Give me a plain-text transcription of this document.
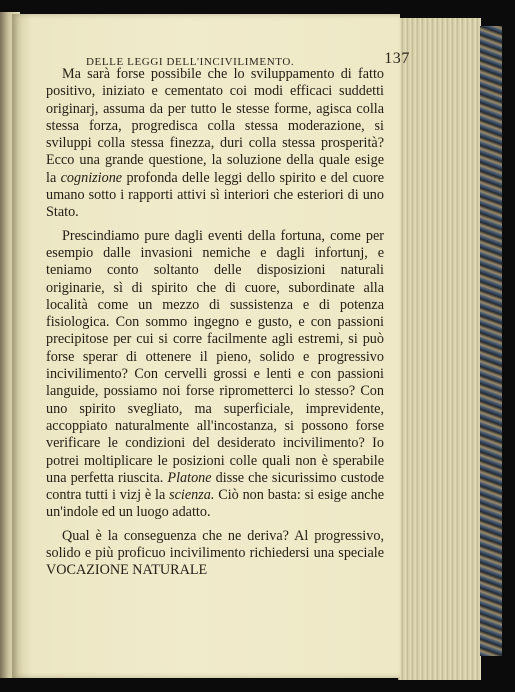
DELLE LEGGI DELL'INCIVILIMENTO.	137

Ma sarà forse possibile che lo sviluppamento di fatto positivo, iniziato e cementato coi modi efficaci suddetti originarj, assuma da per tutto le stesse forme, agisca colla stessa forza, progredisca colla stessa moderazione, si sviluppi colla stessa finezza, duri colla stessa prosperità? Ecco una grande questione, la soluzione della quale esige la cognizione profonda delle leggi dello spirito e del cuore umano sotto i rapporti attivi sì interiori che esteriori di uno Stato.

Prescindiamo pure dagli eventi della fortuna, come per esempio dalle invasioni nemiche e dagli infortunj, e teniamo conto soltanto delle disposizioni naturali originarie, sì di spirito che di cuore, subordinate alla località come un mezzo di sussistenza e di potenza fisiologica. Con sommo ingegno e gusto, e con passioni precipitose per cui si corre facilmente agli estremi, si può forse sperar di ottenere il pieno, solido e progressivo incivilimento? Con cervelli grossi e lenti e con passioni languide, possiamo noi forse riprometterci lo stesso? Con uno spirito svegliato, ma superficiale, imprevidente, accoppiato naturalmente all'incostanza, si possono forse verificare le condizioni del desiderato incivilimento? Io potrei moltiplicare le posizioni colle quali non è sperabile una perfetta riuscita. Platone disse che sicurissimo custode contra tutti i vizj è la scienza. Ciò non basta: si esige anche un'indole ed un luogo adatto.

Qual è la conseguenza che ne deriva? Al progressivo, solido e più proficuo incivilimento richiedersi una speciale VOCAZIONE NATURALE
